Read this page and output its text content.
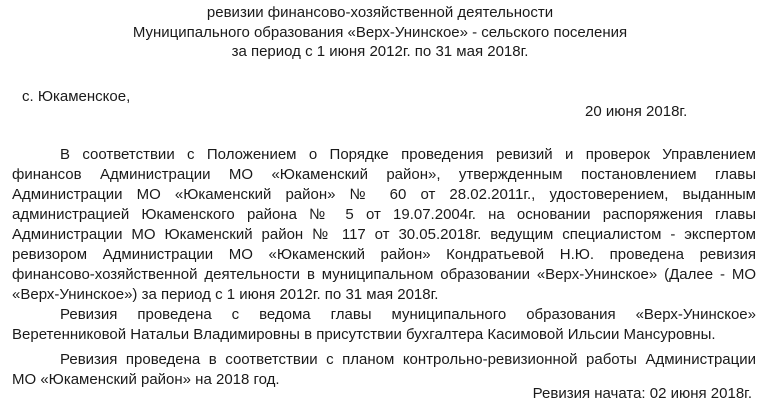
ревизии финансово-хозяйственной деятельности
Муниципального образования «Верх-Унинское» - сельского поселения
за период с 1 июня 2012г. по 31 мая 2018г.
с. Юкаменское,
20 июня 2018г.
В соответствии с Положением о Порядке проведения ревизий и проверок Управлением
финансов Администрации МО «Юкаменский район», утвержденным постановлением главы
Администрации МО «Юкаменский район» № 60 от 28.02.2011г., удостоверением, выданным
администрацией Юкаменского района № 5 от 19.07.2004г. на основании распоряжения главы
Администрации МО Юкаменский район № 117 от 30.05.2018г. ведущим специалистом - экспертом
ревизором Администрации МО «Юкаменский район» Кондратьевой Н.Ю. проведена ревизия
финансово-хозяйственной деятельности в муниципальном образовании «Верх-Унинское» (Далее - МО
«Верх-Унинское») за период с 1 июня 2012г. по 31 мая 2018г.
Ревизия проведена с ведома главы муниципального образования «Верх-Унинское»
Веретенниковой Натальи Владимировны в присутствии бухгалтера Касимовой Ильсии Мансуровны.
Ревизия проведена в соответствии с планом контрольно-ревизионной работы Администрации
МО «Юкаменский район» на 2018 год.
Ревизия начата: 02 июня 2018г.
